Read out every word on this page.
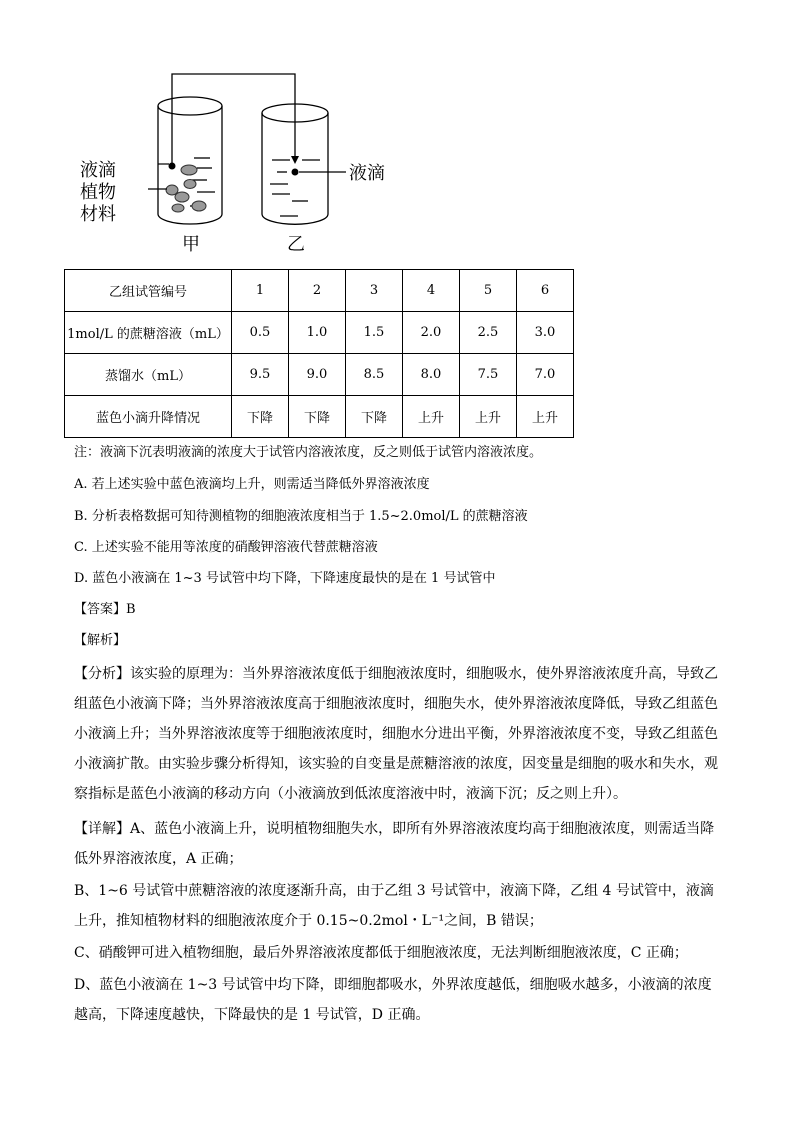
液滴
植物
材料
液滴
甲	乙
乙组试管编号	1	2	3	4	5	6
1mol/L 的蔗糖溶液（mL）	0.5	1.0	1.5	2.0	2.5	3.0
蒸馏水（mL）	9.5	9.0	8.5	8.0	7.5	7.0
蓝色小滴升降情况	下降	下降	下降	上升	上升	上升
注：液滴下沉表明液滴的浓度大于试管内溶液浓度，反之则低于试管内溶液浓度。
A. 若上述实验中蓝色液滴均上升，则需适当降低外界溶液浓度
B. 分析表格数据可知待测植物的细胞液浓度相当于 1.5~2.0mol/L 的蔗糖溶液
C. 上述实验不能用等浓度的硝酸钾溶液代替蔗糖溶液
D. 蓝色小液滴在 1~3 号试管中均下降，下降速度最快的是在 1 号试管中
【答案】B
【解析】
【分析】该实验的原理为：当外界溶液浓度低于细胞液浓度时，细胞吸水，使外界溶液浓度升高，导致乙组蓝色小液滴下降；当外界溶液浓度高于细胞液浓度时，细胞失水，使外界溶液浓度降低，导致乙组蓝色小液滴上升；当外界溶液浓度等于细胞液浓度时，细胞水分进出平衡，外界溶液浓度不变，导致乙组蓝色小液滴扩散。由实验步骤分析得知，该实验的自变量是蔗糖溶液的浓度，因变量是细胞的吸水和失水，观察指标是蓝色小液滴的移动方向（小液滴放到低浓度溶液中时，液滴下沉；反之则上升）。
【详解】A、蓝色小液滴上升，说明植物细胞失水，即所有外界溶液浓度均高于细胞液浓度，则需适当降低外界溶液浓度，A 正确；
B、1~6 号试管中蔗糖溶液的浓度逐渐升高，由于乙组 3 号试管中，液滴下降，乙组 4 号试管中，液滴上升，推知植物材料的细胞液浓度介于 0.15~0.2mol・L⁻¹之间，B 错误；
C、硝酸钾可进入植物细胞，最后外界溶液浓度都低于细胞液浓度，无法判断细胞液浓度，C 正确；
D、蓝色小液滴在 1~3 号试管中均下降，即细胞都吸水，外界浓度越低，细胞吸水越多，小液滴的浓度越高，下降速度越快，下降最快的是 1 号试管，D 正确。
